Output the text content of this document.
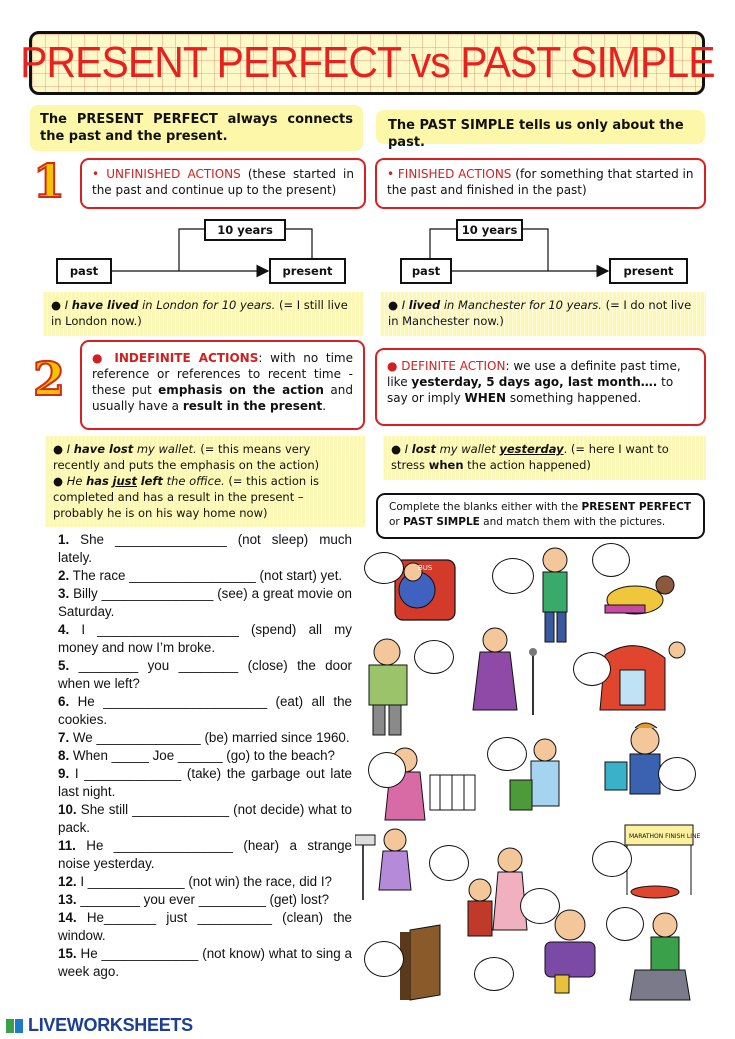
PRESENT PERFECT vs PAST SIMPLE
The PRESENT PERFECT always connects the past and the present.
The PAST SIMPLE tells us only about the past.
1	• UNFINISHED ACTIONS (these started in the past and continue up to the present)
• FINISHED ACTIONS (for something that started in the past and finished in the past)
10 years
past	present
10 years
past	present
● I have lived in London for 10 years. (= I still live in London now.)
● I lived in Manchester for 10 years. (= I do not live in Manchester now.)
2	● INDEFINITE ACTIONS: with no time reference or references to recent time - these put emphasis on the action and usually have a result in the present.
● DEFINITE ACTION: we use a definite past time, like yesterday, 5 days ago, last month…. to say or imply WHEN something happened.
● I have lost my wallet. (= this means very recently and puts the emphasis on the action)
● He has just left the office. (= this action is completed and has a result in the present – probably he is on his way home now)
● I lost my wallet yesterday. (= here I want to stress when the action happened)
Complete the blanks either with the PRESENT PERFECT or PAST SIMPLE and match them with the pictures.

1. She _______________ (not sleep) much lately.

2. The race _________________ (not start) yet.

3. Billy _______________ (see) a great movie on Saturday.

4. I ___________________ (spend) all my money and now I’m broke.

5. ________ you ________ (close) the door when we left?

6. He ______________________ (eat) all the cookies.

7. We ______________ (be) married since 1960.

8. When _____ Joe ______ (go) to the beach?

9. I _____________ (take) the garbage out late last night.

10. She still _____________ (not decide) what to pack.

11. He ________________ (hear) a strange noise yesterday.

12. I _____________ (not win) the race, did I?

13. ________ you ever _________ (get) lost?

14. He_______ just __________ (clean) the window.

15. He _____________ (not know) what to sing a week ago.

BUS
MARATHON FINISH LINE
LIVEWORKSHEETS
